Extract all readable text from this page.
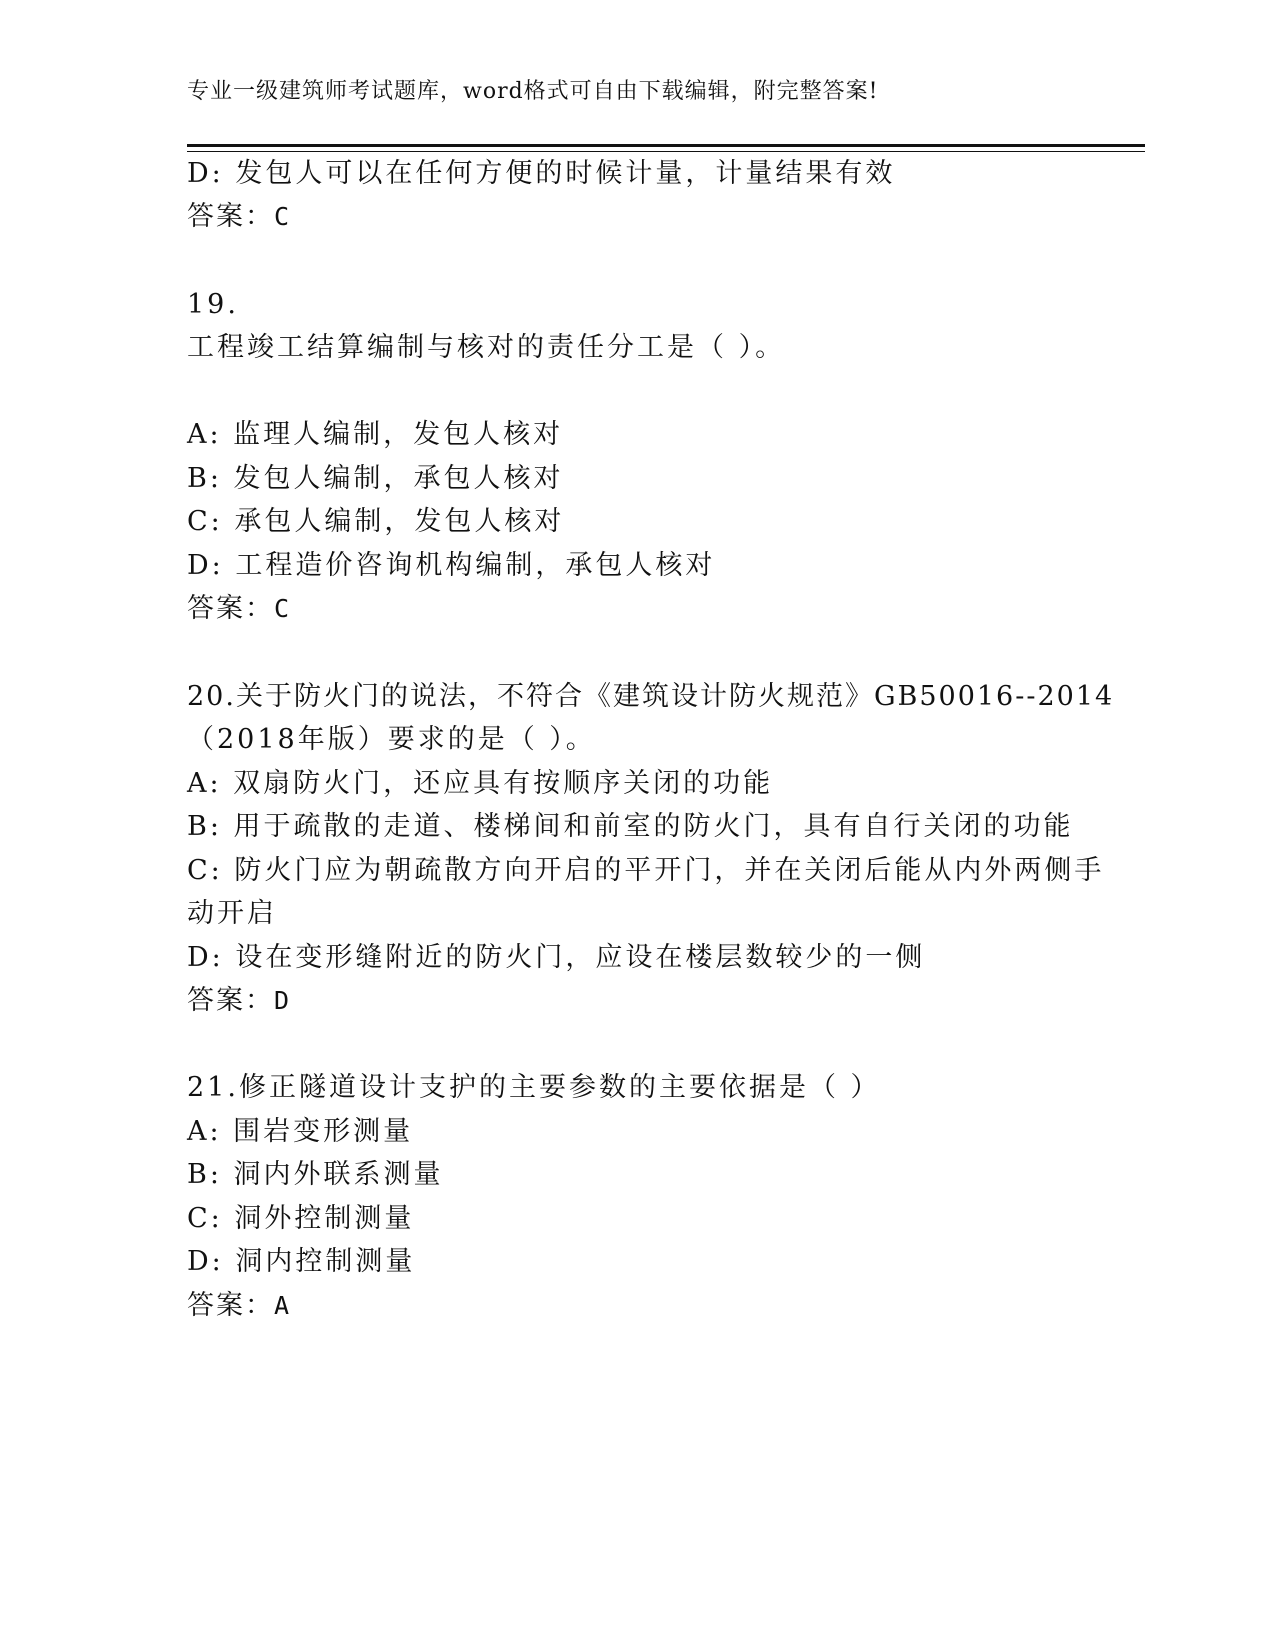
专业一级建筑师考试题库，word格式可自由下载编辑，附完整答案!
D: 发包人可以在任何方便的时候计量，计量结果有效
答案：C
19.
工程竣工结算编制与核对的责任分工是（ ）。
A: 监理人编制，发包人核对
B: 发包人编制，承包人核对
C: 承包人编制，发包人核对
D: 工程造价咨询机构编制，承包人核对
答案：C
20.关于防火门的说法，不符合《建筑设计防火规范》GB50016--2014
（2018年版）要求的是（ ）。
A: 双扇防火门，还应具有按顺序关闭的功能
B: 用于疏散的走道、楼梯间和前室的防火门，具有自行关闭的功能
C: 防火门应为朝疏散方向开启的平开门，并在关闭后能从内外两侧手
动开启
D: 设在变形缝附近的防火门，应设在楼层数较少的一侧
答案：D
21.修正隧道设计支护的主要参数的主要依据是（ ）
A: 围岩变形测量
B: 洞内外联系测量
C: 洞外控制测量
D: 洞内控制测量
答案：A
